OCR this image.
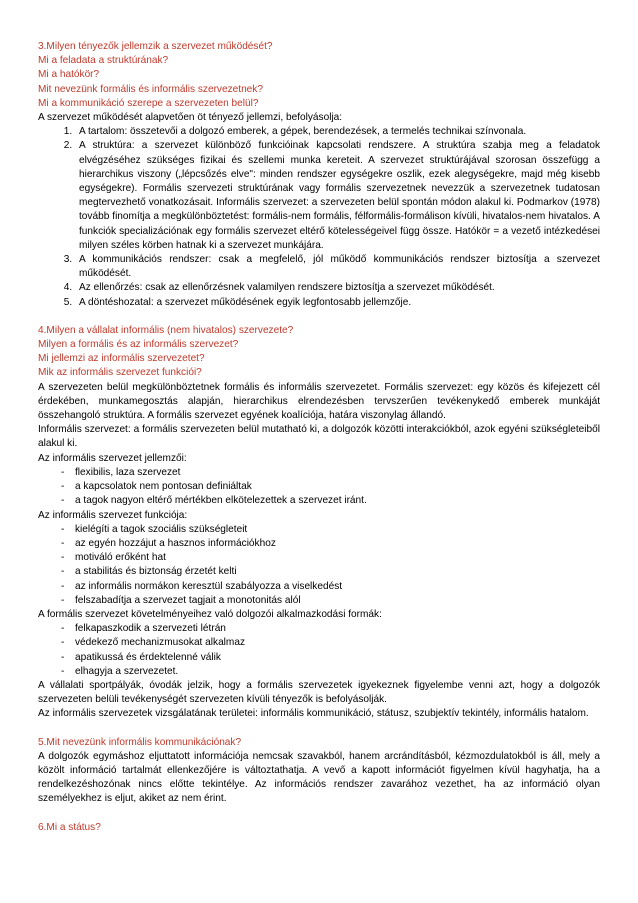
3.Milyen tényezők jellemzik a szervezet működését?

Mi a feladata a struktúrának?

Mi a hatókör?

Mit nevezünk formális és informális szervezetnek?

Mi a kommunikáció szerepe a szervezeten belül?

A szervezet működését alapvetően öt tényező jellemzi, befolyásolja:

1. A tartalom: összetevői a dolgozó emberek, a gépek, berendezések, a termelés technikai színvonala.
2. A struktúra: a szervezet különböző funkcióinak kapcsolati rendszere. A struktúra szabja meg a feladatok elvégzéséhez szükséges fizikai és szellemi munka kereteit. A szervezet struktúrájával szorosan összefügg a hierarchikus viszony („lépcsőzés elve": minden rendszer egységekre oszlik, ezek alegységekre, majd még kisebb egységekre). Formális szervezeti struktúrának vagy formális szervezetnek nevezzük a szervezetnek tudatosan megtervezhető vonatkozásait. Informális szervezet: a szervezeten belül spontán módon alakul ki. Podmarkov (1978) tovább finomítja a megkülönböztetést: formális-nem formális, félformális-formálison kívüli, hivatalos-nem hivatalos. A funkciók specializációnak egy formális szervezet eltérő kötelességeivel függ össze. Hatókör = a vezető intézkedései milyen széles körben hatnak ki a szervezet munkájára.
3. A kommunikációs rendszer: csak a megfelelő, jól működő kommunikációs rendszer biztosítja a szervezet működését.
4. Az ellenőrzés: csak az ellenőrzésnek valamilyen rendszere biztosítja a szervezet működését.
5. A döntéshozatal: a szervezet működésének egyik legfontosabb jellemzője.

4.Milyen a vállalat informális (nem hivatalos) szervezete?

Milyen a formális és az informális szervezet?

Mi jellemzi az informális szervezetet?

Mik az informális szervezet funkciói?

A szervezeten belül megkülönböztetnek formális és informális szervezetet. Formális szervezet: egy közös és kifejezett cél érdekében, munkamegosztás alapján, hierarchikus elrendezésben tervszerűen tevékenykedő emberek munkáját összehangoló struktúra. A formális szervezet egyének koalíciója, határa viszonylag állandó.

Informális szervezet: a formális szervezeten belül mutatható ki, a dolgozók közötti interakciókból, azok egyéni szükségleteiből alakul ki.

Az informális szervezet jellemzői:

- flexibilis, laza szervezet
- a kapcsolatok nem pontosan definiáltak
- a tagok nagyon eltérő mértékben elkötelezettek a szervezet iránt.

Az informális szervezet funkciója:

- kielégíti a tagok szociális szükségleteit
- az egyén hozzájut a hasznos információkhoz
- motiváló erőként hat
- a stabilitás és biztonság érzetét kelti
- az informális normákon keresztül szabályozza a viselkedést
- felszabadítja a szervezet tagjait a monotonitás alól

A formális szervezet követelményeihez való dolgozói alkalmazkodási formák:

- felkapaszkodik a szervezeti létrán
- védekező mechanizmusokat alkalmaz
- apatikussá és érdektelenné válik
- elhagyja a szervezetet.

A vállalati sportpályák, óvodák jelzik, hogy a formális szervezetek igyekeznek figyelembe venni azt, hogy a dolgozók szervezeten belüli tevékenységét szervezeten kívüli tényezők is befolyásolják.

Az informális szervezetek vizsgálatának területei: informális kommunikáció, státusz, szubjektív tekintély, informális hatalom.

5.Mit nevezünk informális kommunikációnak?

A dolgozók egymáshoz eljuttatott információja nemcsak szavakból, hanem arcrándításból, kézmozdulatokból is áll, mely a közölt információ tartalmát ellenkezőjére is változtathatja. A vevő a kapott információt figyelmen kívül hagyhatja, ha a rendelkezéshozónak nincs előtte tekintélye. Az információs rendszer zavarához vezethet, ha az információ olyan személyekhez is eljut, akiket az nem érint.

6.Mi a státus?
